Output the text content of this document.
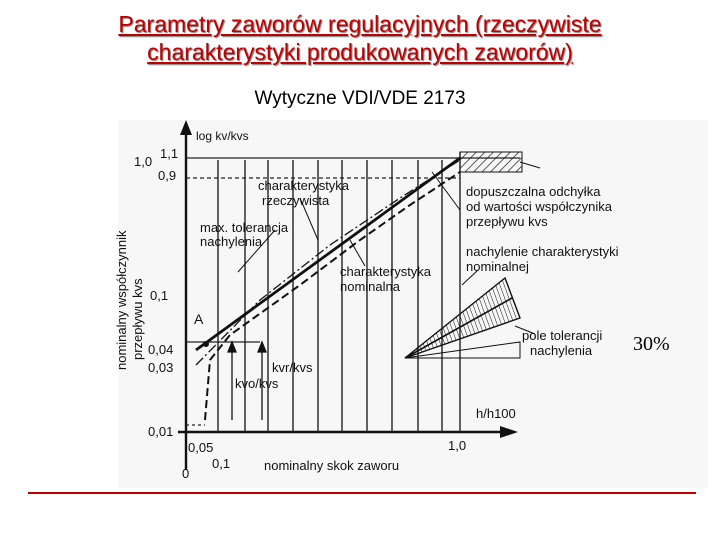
Parametry zaworów regulacyjnych (rzeczywiste
charakterystyki produkowanych zaworów)
Wytyczne VDI/VDE 2173
1,1
1,0
0,9
0,1
0,04
0,03
0,01
0
0,05
0,1
1,0
log kv/kvs
h/h100
nominalny skok zaworu
nominalny współczynnik przepływu kvs	A
kvr/kvs
kvo/kvs
charakterystyka
rzeczywista
max. tolerancja
nachylenia
charakterystyka
nominalna
dopuszczalna odchyłka
od wartości współczynika
przepływu kvs
nachylenie charakterystyki
nominalnej
pole tolerancji
nachylenia 30%
